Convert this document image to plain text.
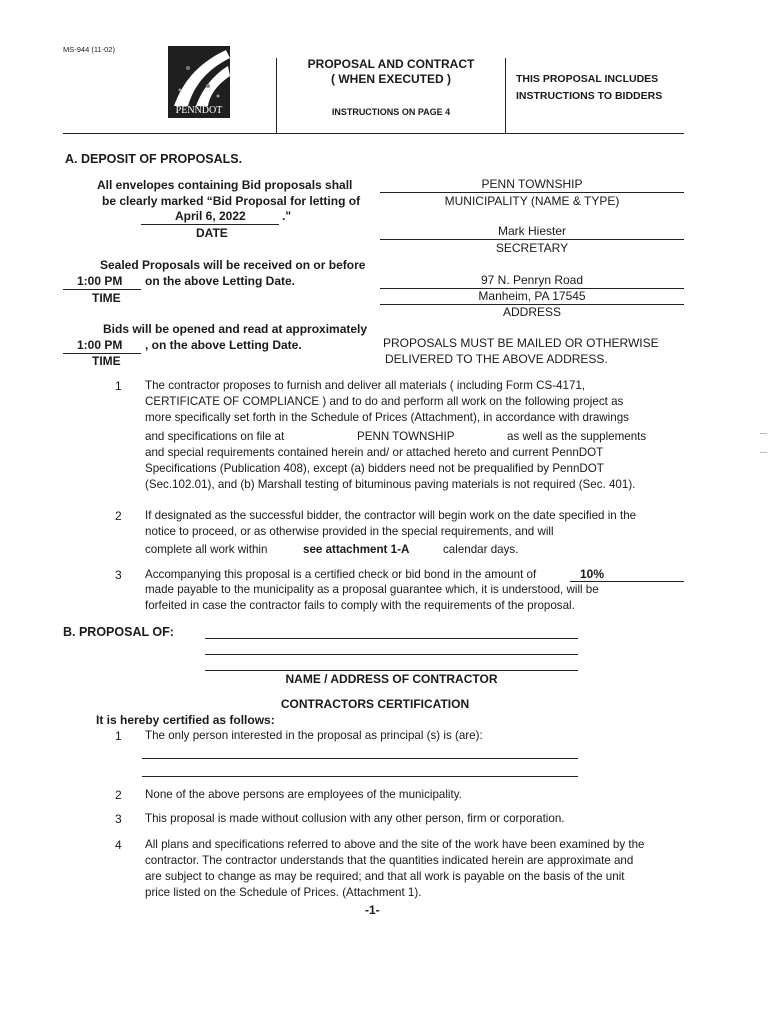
MS-944 (11-02)
PENNDOT
PROPOSAL AND CONTRACT
( WHEN EXECUTED )
INSTRUCTIONS ON PAGE 4
THIS PROPOSAL INCLUDES
INSTRUCTIONS TO BIDDERS
A. DEPOSIT OF PROPOSALS.
All envelopes containing Bid proposals shall
be clearly marked “Bid Proposal for letting of
April 6, 2022	."
DATE
Sealed Proposals will be received on or before
1:00 PM on the above Letting Date.
TIME
Bids will be opened and read at approximately
1:00 PM , on the above Letting Date.
TIME
PENN TOWNSHIP
MUNICIPALITY (NAME & TYPE)
Mark Hiester
SECRETARY
97 N. Penryn Road
Manheim, PA 17545
ADDRESS
PROPOSALS MUST BE MAILED OR OTHERWISE
DELIVERED TO THE ABOVE ADDRESS.
1 The contractor proposes to furnish and deliver all materials ( including Form CS-4171,
CERTIFICATE OF COMPLIANCE ) and to do and perform all work on the following project as
more specifically set forth in the Schedule of Prices (Attachment), in accordance with drawings
and specifications on file at	PENN TOWNSHIP	as well as the supplements
and special requirements contained herein and/ or attached hereto and current PennDOT
Specifications (Publication 408), except (a) bidders need not be prequalified by PennDOT
(Sec.102.01), and (b) Marshall testing of bituminous paving materials is not required (Sec. 401).
2 If designated as the successful bidder, the contractor will begin work on the date specified in the
notice to proceed, or as otherwise provided in the special requirements, and will
complete all work within	see attachment 1-A	calendar days.
3 Accompanying this proposal is a certified check or bid bond in the amount of	10%
made payable to the municipality as a proposal guarantee which, it is understood, will be
forfeited in case the contractor fails to comply with the requirements of the proposal.
B. PROPOSAL OF:
NAME / ADDRESS OF CONTRACTOR
CONTRACTORS CERTIFICATION
It is hereby certified as follows:
1 The only person interested in the proposal as principal (s) is (are):
2 None of the above persons are employees of the municipality.
3 This proposal is made without collusion with any other person, firm or corporation.
4 All plans and specifications referred to above and the site of the work have been examined by the
contractor. The contractor understands that the quantities indicated herein are approximate and
are subject to change as may be required; and that all work is payable on the basis of the unit
price listed on the Schedule of Prices. (Attachment 1).
-1-
